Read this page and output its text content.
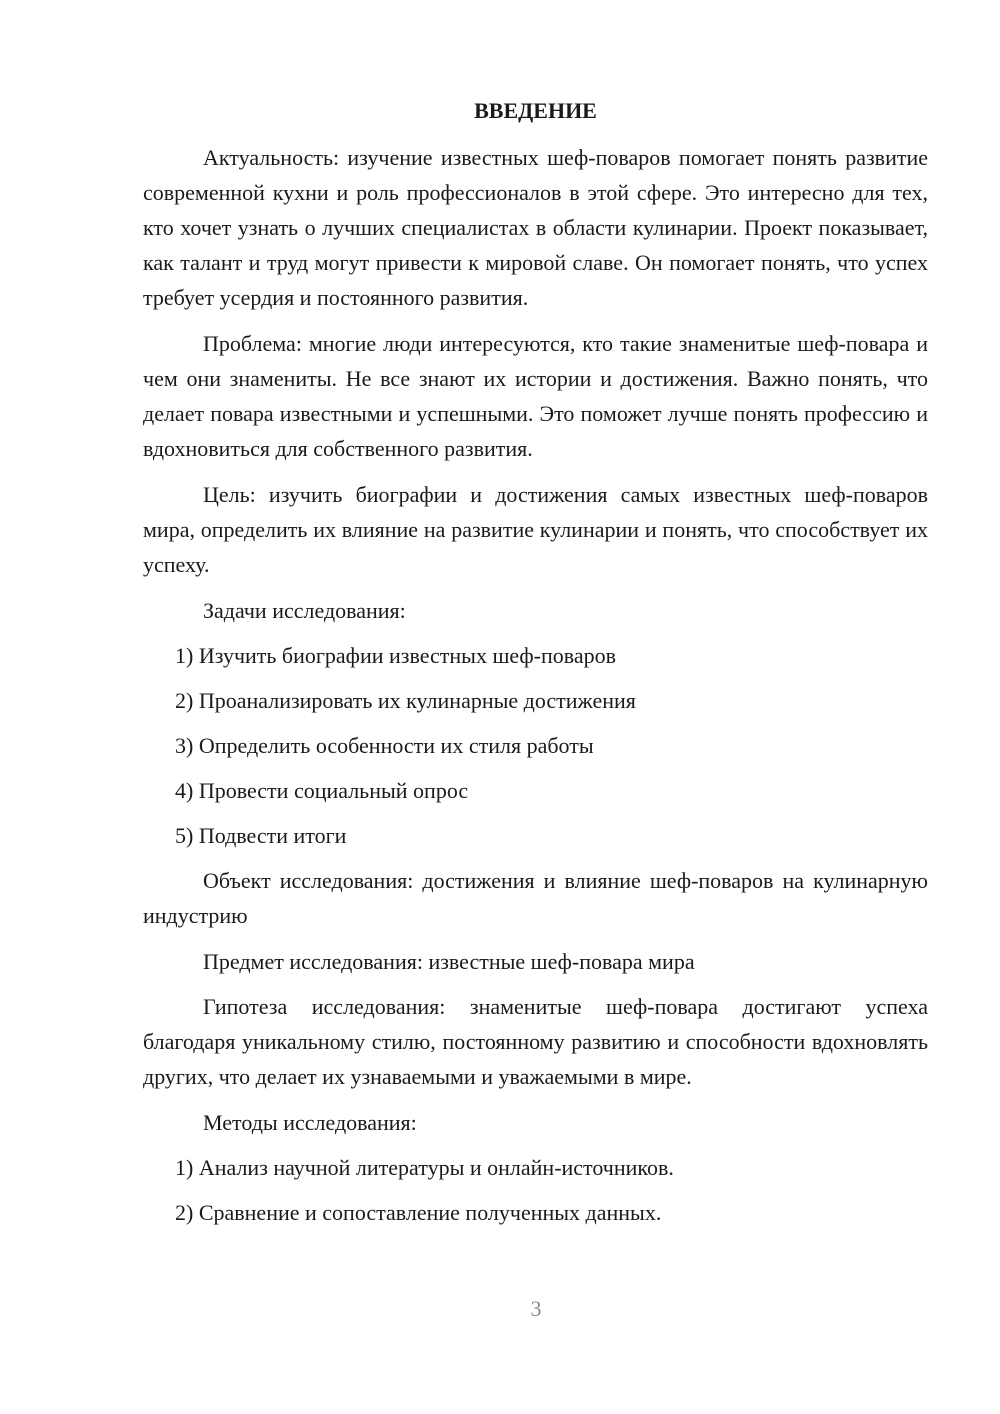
ВВЕДЕНИЕ

Актуальность: изучение известных шеф-поваров помогает понять развитие современной кухни и роль профессионалов в этой сфере. Это интересно для тех, кто хочет узнать о лучших специалистах в области кулинарии. Проект показывает, как талант и труд могут привести к мировой славе. Он помогает понять, что успех требует усердия и постоянного развития.

Проблема: многие люди интересуются, кто такие знаменитые шеф-повара и чем они знамениты. Не все знают их истории и достижения. Важно понять, что делает повара известными и успешными. Это поможет лучше понять профессию и вдохновиться для собственного развития.

Цель: изучить биографии и достижения самых известных шеф-поваров мира, определить их влияние на развитие кулинарии и понять, что способствует их успеху.

Задачи исследования:

1) Изучить биографии известных шеф-поваров

2) Проанализировать их кулинарные достижения

3) Определить особенности их стиля работы

4) Провести социальный опрос

5) Подвести итоги

Объект исследования: достижения и влияние шеф-поваров на кулинарную индустрию

Предмет исследования: известные шеф-повара мира

Гипотеза исследования: знаменитые шеф-повара достигают успеха благодаря уникальному стилю, постоянному развитию и способности вдохновлять других, что делает их узнаваемыми и уважаемыми в мире.

Методы исследования:

1) Анализ научной литературы и онлайн-источников.

2) Сравнение и сопоставление полученных данных.

3
